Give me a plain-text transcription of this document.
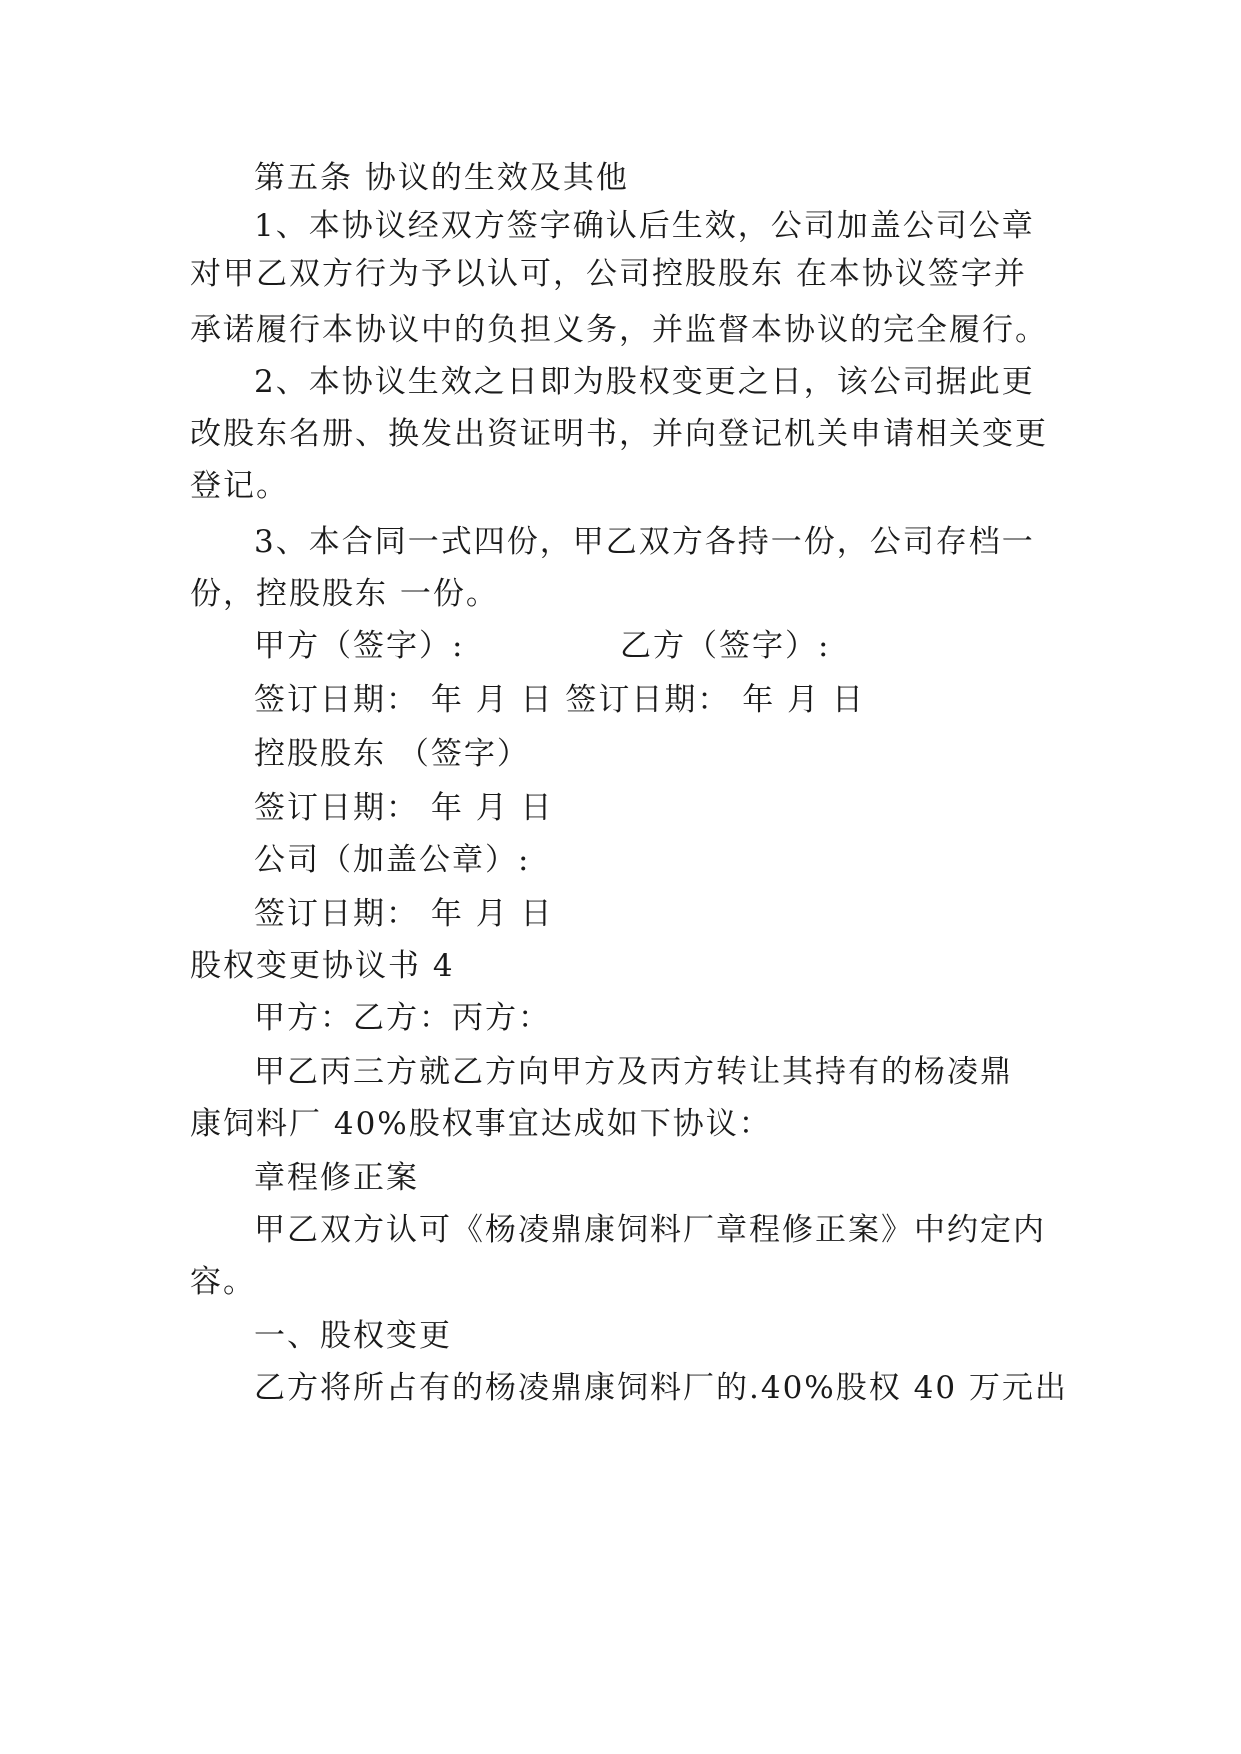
第五条 协议的生效及其他
1、本协议经双方签字确认后生效，公司加盖公司公章
对甲乙双方行为予以认可，公司控股股东 在本协议签字并
承诺履行本协议中的负担义务，并监督本协议的完全履行。
2、本协议生效之日即为股权变更之日，该公司据此更
改股东名册、换发出资证明书，并向登记机关申请相关变更
登记。
3、本合同一式四份，甲乙双方各持一份，公司存档一
份，控股股东 一份。
甲方（签字）:	乙方（签字）:
签订日期： 年 月 日 签订日期： 年 月 日
控股股东 （签字）
签订日期： 年 月 日
公司（加盖公章）:
签订日期： 年 月 日
股权变更协议书 4
甲方：乙方：丙方：
甲乙丙三方就乙方向甲方及丙方转让其持有的杨凌鼎
康饲料厂 40%股权事宜达成如下协议：
章程修正案
甲乙双方认可《杨凌鼎康饲料厂章程修正案》中约定内
容。
一、股权变更
乙方将所占有的杨凌鼎康饲料厂的.40%股权 40 万元出
